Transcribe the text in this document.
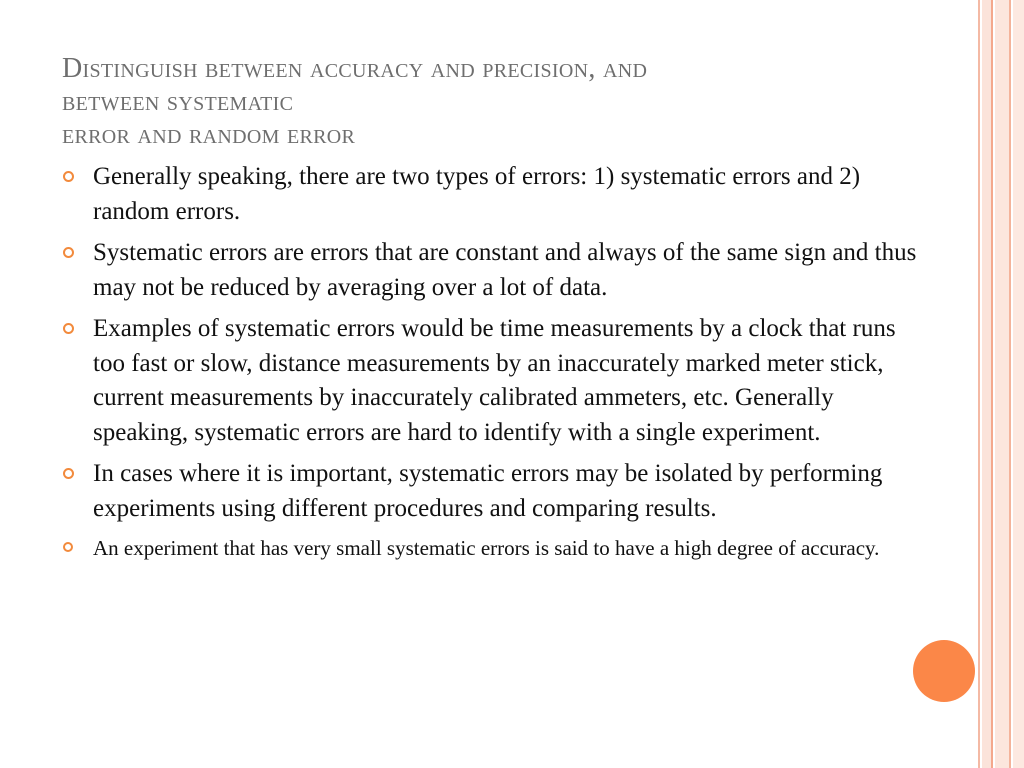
Distinguish between accuracy and precision, and
between systematic
error and random error
Generally speaking, there are two types of errors: 1) systematic errors and 2) random errors.
Systematic errors are errors that are constant and always of the same sign and thus may not be reduced by averaging over a lot of data.
Examples of systematic errors would be time measurements by a clock that runs too fast or slow, distance measurements by an inaccurately marked meter stick, current measurements by inaccurately calibrated ammeters, etc. Generally speaking, systematic errors are hard to identify with a single experiment.
In cases where it is important, systematic errors may be isolated by performing experiments using different procedures and comparing results.
An experiment that has very small systematic errors is said to have a high degree of accuracy.
